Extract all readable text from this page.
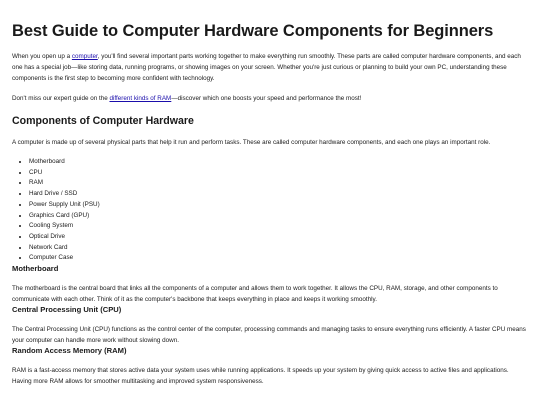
Best Guide to Computer Hardware Components for Beginners

When you open up a computer, you'll find several important parts working together to make everything run smoothly. These parts are called computer hardware components, and each one has a special job—like storing data, running programs, or showing images on your screen. Whether you're just curious or planning to build your own PC, understanding these components is the first step to becoming more confident with technology.

Don't miss our expert guide on the different kinds of RAM—discover which one boosts your speed and performance the most!

Components of Computer Hardware

A computer is made up of several physical parts that help it run and perform tasks. These are called computer hardware components, and each one plays an important role.

• Motherboard
• CPU
• RAM
• Hard Drive / SSD
• Power Supply Unit (PSU)
• Graphics Card (GPU)
• Cooling System
• Optical Drive
• Network Card
• Computer Case
Motherboard

The motherboard is the central board that links all the components of a computer and allows them to work together. It allows the CPU, RAM, storage, and other components to communicate with each other. Think of it as the computer's backbone that keeps everything in place and keeps it working smoothly.

Central Processing Unit (CPU)

The Central Processing Unit (CPU) functions as the control center of the computer, processing commands and managing tasks to ensure everything runs efficiently. A faster CPU means your computer can handle more work without slowing down.

Random Access Memory (RAM)

RAM is a fast-access memory that stores active data your system uses while running applications. It speeds up your system by giving quick access to active files and applications. Having more RAM allows for smoother multitasking and improved system responsiveness.
